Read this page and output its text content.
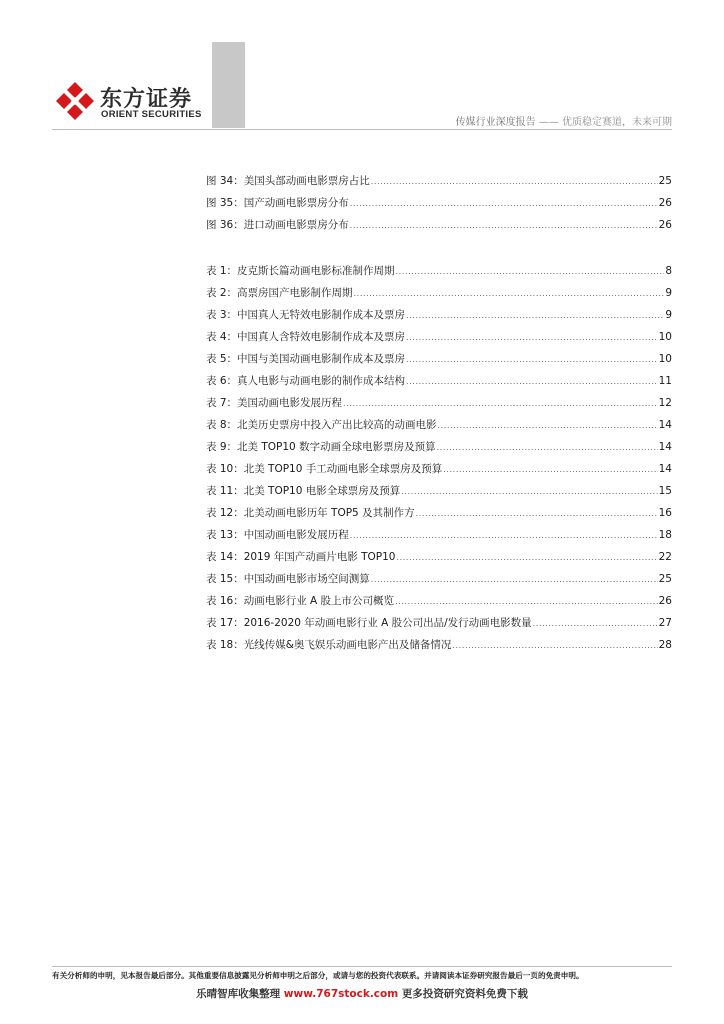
东方证券
ORIENT SECURITIES
传媒行业深度报告 —— 优质稳定赛道，未来可期
图 34：美国头部动画电影票房占比 .....	25
图 35：国产动画电影票房分布 .....	26
图 36：进口动画电影票房分布 .....	26
表 1：皮克斯长篇动画电影标准制作周期 .....	8
表 2：高票房国产电影制作周期 .....	9
表 3：中国真人无特效电影制作成本及票房 .....	9
表 4：中国真人含特效电影制作成本及票房 .....	10
表 5：中国与美国动画电影制作成本及票房 .....	10
表 6：真人电影与动画电影的制作成本结构 .....	11
表 7：美国动画电影发展历程 .....	12
表 8：北美历史票房中投入产出比较高的动画电影 .....	14
表 9：北美 TOP10 数字动画全球电影票房及预算 .....	14
表 10：北美 TOP10 手工动画电影全球票房及预算 .....	14
表 11：北美 TOP10 电影全球票房及预算 .....	15
表 12：北美动画电影历年 TOP5 及其制作方 .....	16
表 13：中国动画电影发展历程 .....	18
表 14：2019 年国产动画片电影 TOP10 .....	22
表 15：中国动画电影市场空间测算 .....	25
表 16：动画电影行业 A 股上市公司概览 .....	26
表 17：2016-2020 年动画电影行业 A 股公司出品/发行动画电影数量 .....	27
表 18：光线传媒&奥飞娱乐动画电影产出及储备情况 .....	28
有关分析师的申明，见本报告最后部分。其他重要信息披露见分析师申明之后部分，或请与您的投资代表联系。并请阅读本证券研究报告最后一页的免责申明。
乐晴智库收集整理 www.767stock.com 更多投资研究资料免费下载
